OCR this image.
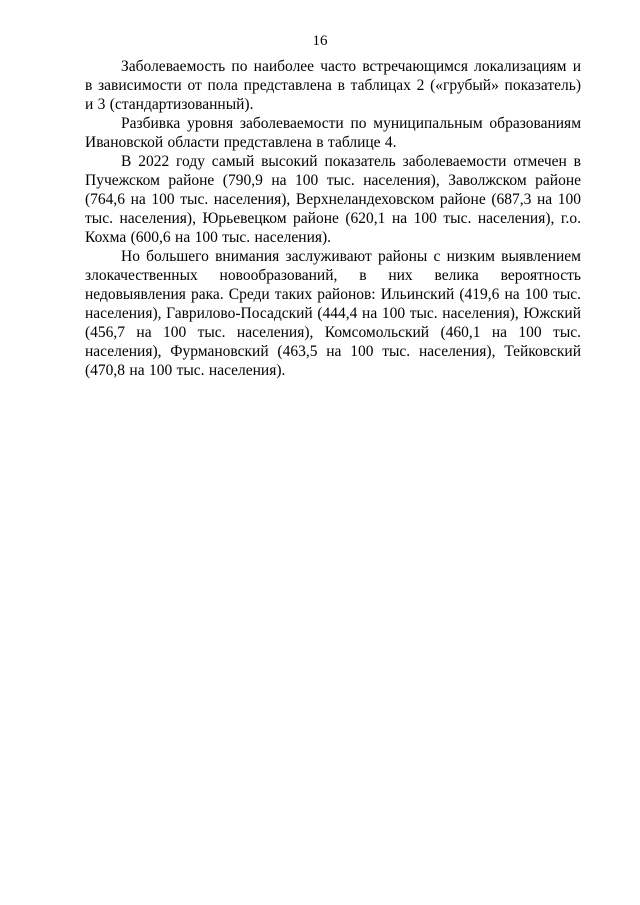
16

Заболеваемость по наиболее часто встречающимся локализациям и в зависимости от пола представлена в таблицах 2 («грубый» показатель) и 3 (стандартизованный).

Разбивка уровня заболеваемости по муниципальным образованиям Ивановской области представлена в таблице 4.

В 2022 году самый высокий показатель заболеваемости отмечен в Пучежском районе (790,9 на 100 тыс. населения), Заволжском районе (764,6 на 100 тыс. населения), Верхнеландеховском районе (687,3 на 100 тыс. населения), Юрьевецком районе (620,1 на 100 тыс. населения), г.о. Кохма (600,6 на 100 тыс. населения).

Но большего внимания заслуживают районы с низким выявлением злокачественных новообразований, в них велика вероятность недовыявления рака. Среди таких районов: Ильинский (419,6 на 100 тыс. населения), Гаврилово-Посадский (444,4 на 100 тыс. населения), Южский (456,7 на 100 тыс. населения), Комсомольский (460,1 на 100 тыс. населения), Фурмановский (463,5 на 100 тыс. населения), Тейковский (470,8 на 100 тыс. населения).
